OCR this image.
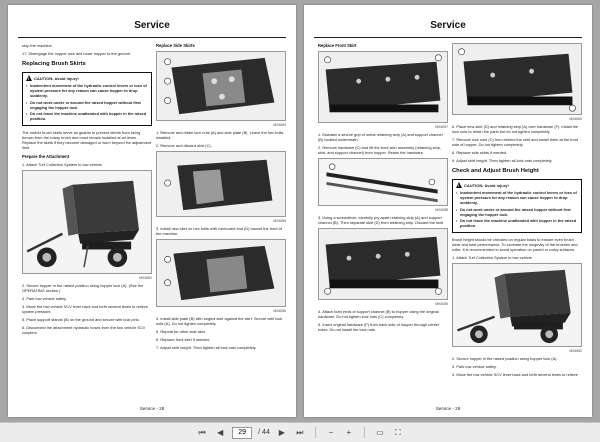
Service
stop the machine.
17. Disengage the hopper lock and lower hopper to the ground.
Replacing Brush Skirts
!
CAUTION: Avoid injury!
• Inadvertent movement of the hydraulic control levers or loss of system pressure for any reason can cause hopper to drop suddenly.
• Do not work under or around the raised hopper without first engaging the hopper lock.
• Do not leave the machine unattended with hopper in the raised position.
The rubber brush skirts serve as guards to prevent debris from being thrown from the rotary brush and must remain installed at all times. Replace the skirts if they become damaged or worn beyond the adjustment limit.
Prepare the Attachment
1. Attach Turf Collection System to tow vehicle.
MX6062
2. Secure hopper in the raised position using hopper lock (A). (See the OPERATING section.)
3. Park tow vehicle safely.
4. Move the tow vehicle SCV lever back and forth several times to relieve system pressure.
5. Place support stands (B) on the ground and secure with lock pins.
6. Disconnect the attachment hydraulic hoses from the tow vehicle SCV couplers.
Replace Side Skirts
MX6054
1. Remove and retain lock nuts (A) and side plate (B). Leave the hex bolts installed.
2. Remove and discard skirt (C).
MX6055
3. Install new skirt on hex bolts with contoured end (D) toward the front of the machine.
MX6056
4. Install side plate (B) with angled side against the skirt. Secure with lock nuts (A). Do not tighten completely.
5. Repeat for other side skirt.
6. Replace front skirt if needed.
7. Adjust skirt height. Then tighten all lock nuts completely.
Service - 28
Service
Replace Front Skirt
MX6057
1. Maintain a secure grip of metal retaining strip (A) and support channel (B) located underneath.
2. Remove hardware (C) and lift the front skirt assembly (retaining strip, skirt, and support channel) from hopper. Retain the hardware.
MX6058
3. Using a screwdriver, carefully pry apart retaining strip (A) and support channel (B). Then separate skirt (D) from retaining strip. Discard the skirt.
MX6059
4. Attach both ends of support channel (B) to hopper using the original hardware. Do not tighten lock nuts (C) completely.
5. Insert original hardware (F) from back side of hopper through center holes. Do not install the lock nuts.
MX6060
6. Place new skirt (D) and retaining strip (A) over hardware (F). Install the lock nuts to retain the parts but do not tighten completely.
7. Remove lock nuts (C) from behind the skirt and install them at the front side of hopper. Do not tighten completely.
8. Replace side skirts if needed.
9. Adjust skirt height. Then tighten all lock nuts completely.
Check and Adjust Brush Height
!
CAUTION: Avoid injury!
• Inadvertent movement of the hydraulic control levers or loss of system pressure for any reason can cause hopper to drop suddenly.
• Do not work under or around the raised hopper without first engaging the hopper lock.
• Do not leave the machine unattended with hopper in the raised position.
Brush height should be checked on regular basis to ensure even brush wear and best performance. To increase the longevity of the brushes and roller, it is recommended to avoid operation on paved or rocky surfaces.
1. Attach Turf Collection System to tow vehicle.
MX6062
2. Secure hopper in the raised position using hopper lock (A).
3. Park tow vehicle safely.
4. Move the tow vehicle SCV lever back and forth several times to relieve
Service - 29
⏮	◀
29	/ 44	▶	⏭	−	+	▭	⛶
